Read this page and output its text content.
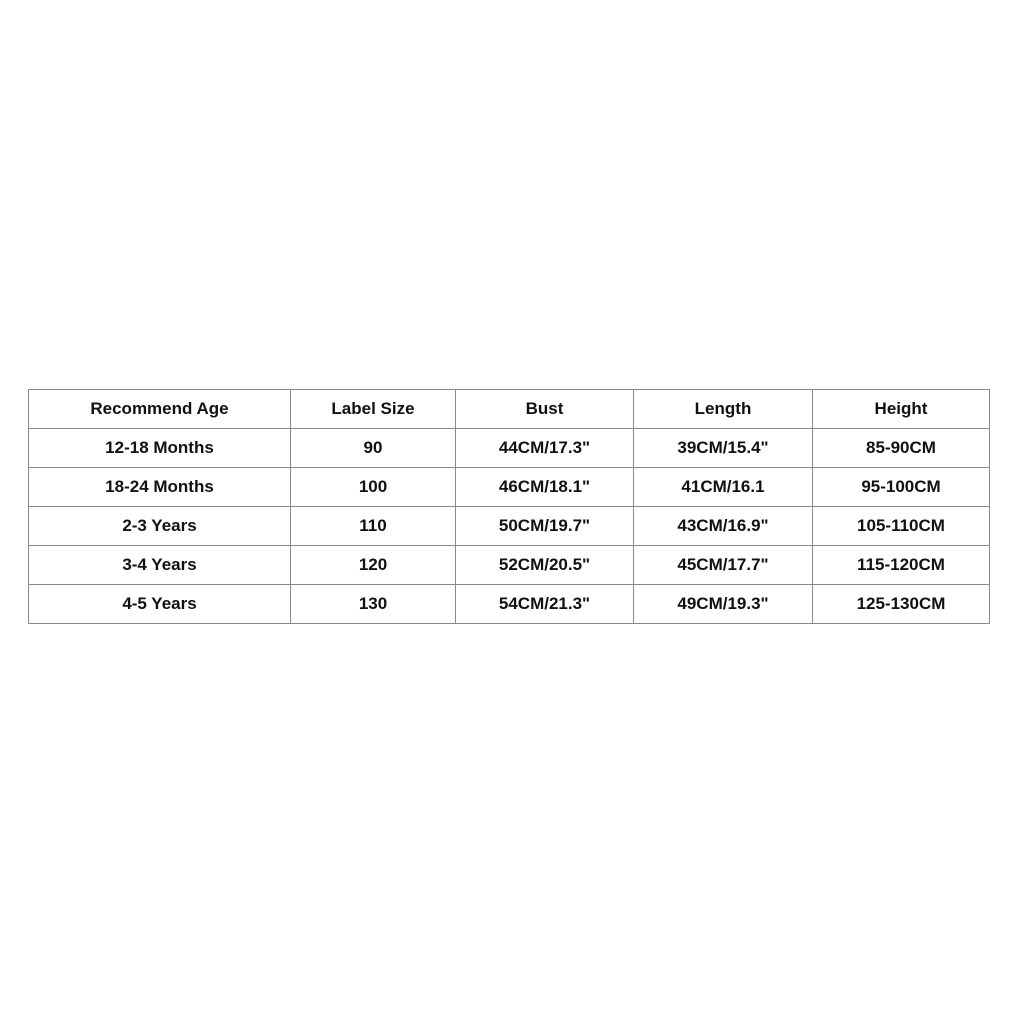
Recommend Age	Label Size	Bust	Length	Height
12-18 Months	90	44CM/17.3"	39CM/15.4"	85-90CM
18-24 Months	100	46CM/18.1"	41CM/16.1	95-100CM
2-3 Years	110	50CM/19.7"	43CM/16.9"	105-110CM
3-4 Years	120	52CM/20.5"	45CM/17.7"	115-120CM
4-5 Years	130	54CM/21.3"	49CM/19.3"	125-130CM
